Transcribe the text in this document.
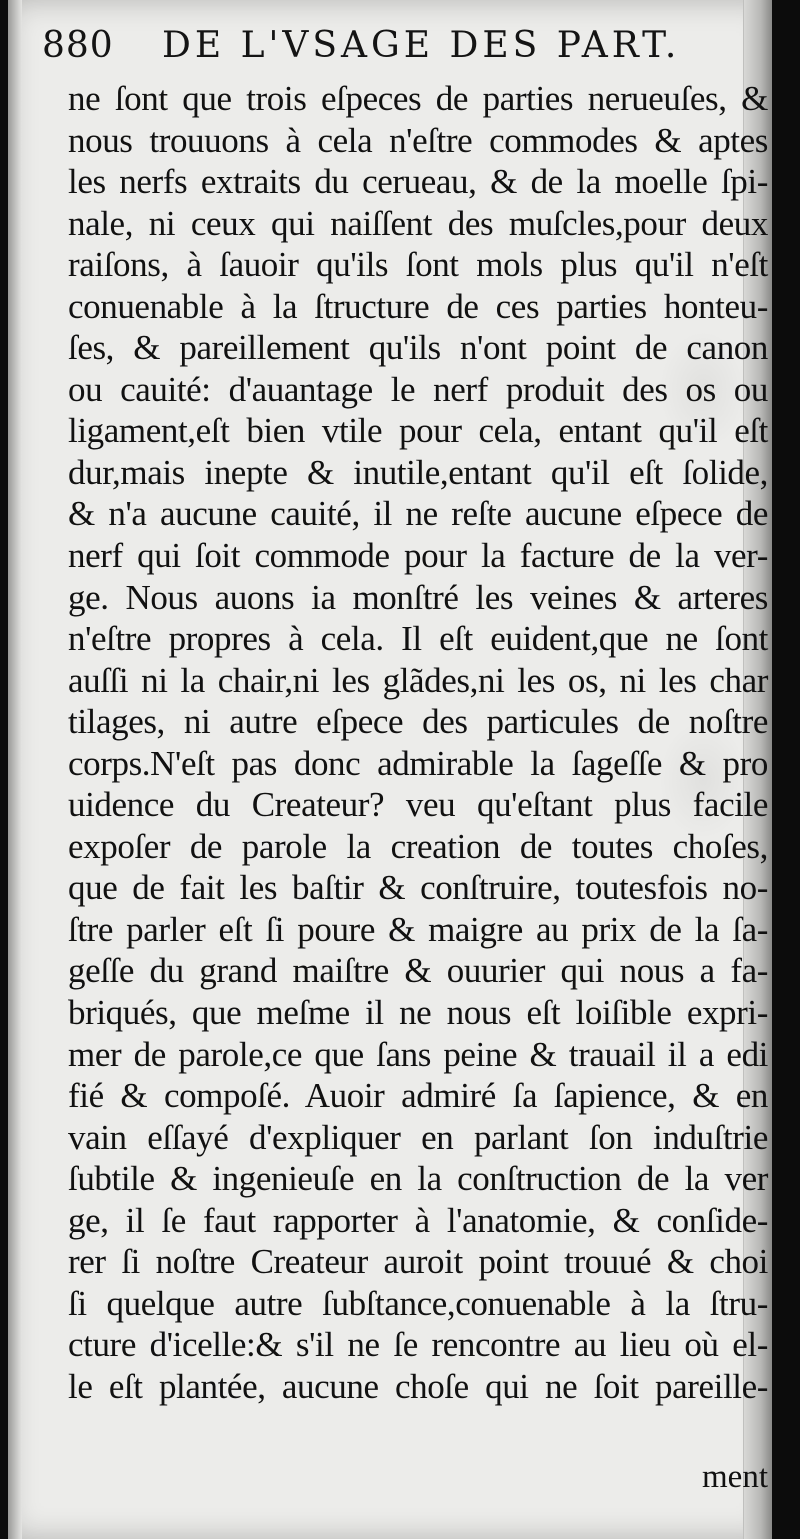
880 DE L'VSAGE DES PART.
ne ſont que trois eſpeces de parties nerueuſes, &
nous trouuons à cela n'eſtre commodes & aptes
les nerfs extraits du cerueau, & de la moelle ſpi-
nale, ni ceux qui naiſſent des muſcles,pour deux
raiſons, à ſauoir qu'ils ſont mols plus qu'il n'eſt
conuenable à la ſtructure de ces parties honteu-
ſes, & pareillement qu'ils n'ont point de canon
ou cauité: d'auantage le nerf produit des os ou
ligament,eſt bien vtile pour cela, entant qu'il eſt
dur,mais inepte & inutile,entant qu'il eſt ſolide,
& n'a aucune cauité, il ne reſte aucune eſpece de
nerf qui ſoit commode pour la facture de la ver-
ge. Nous auons ia monſtré les veines & arteres
n'eſtre propres à cela. Il eſt euident,que ne ſont
auſſi ni la chair,ni les glãdes,ni les os, ni les char
tilages, ni autre eſpece des particules de noſtre
corps.N'eſt pas donc admirable la ſageſſe & pro
uidence du Createur? veu qu'eſtant plus facile
expoſer de parole la creation de toutes choſes,
que de fait les baſtir & conſtruire, toutesfois no-
ſtre parler eſt ſi poure & maigre au prix de la ſa-
geſſe du grand maiſtre & ouurier qui nous a fa-
briqués, que meſme il ne nous eſt loiſible expri-
mer de parole,ce que ſans peine & trauail il a edi
fié & compoſé. Auoir admiré ſa ſapience, & en
vain eſſayé d'expliquer en parlant ſon induſtrie
ſubtile & ingenieuſe en la conſtruction de la ver
ge, il ſe faut rapporter à l'anatomie, & conſide-
rer ſi noſtre Createur auroit point trouué & choi
ſi quelque autre ſubſtance,conuenable à la ſtru-
cture d'icelle:& s'il ne ſe rencontre au lieu où el-
le eſt plantée, aucune choſe qui ne ſoit pareille-
ment
